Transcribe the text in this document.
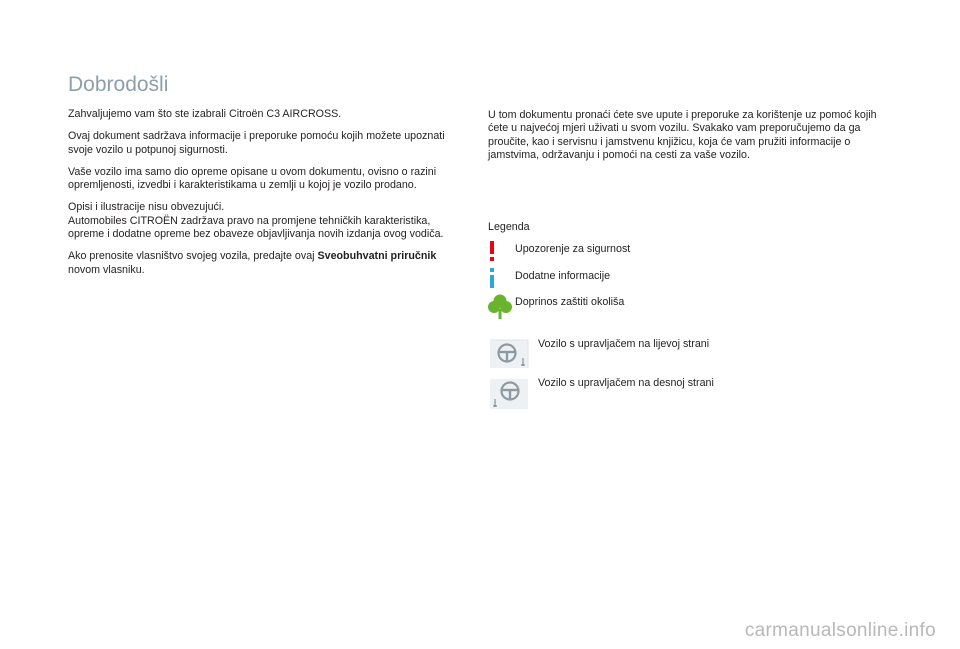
Dobrodošli

Zahvaljujemo vam što ste izabrali Citroën C3 AIRCROSS.

Ovaj dokument sadržava informacije i preporuke pomoću kojih možete upoznati svoje vozilo u potpunoj sigurnosti.

Vaše vozilo ima samo dio opreme opisane u ovom dokumentu, ovisno o razini opremljenosti, izvedbi i karakteristikama u zemlji u kojoj je vozilo prodano.

Opisi i ilustracije nisu obvezujući.
Automobiles CITROËN zadržava pravo na promjene tehničkih karakteristika, opreme i dodatne opreme bez obaveze objavljivanja novih izdanja ovog vodiča.

Ako prenosite vlasništvo svojeg vozila, predajte ovaj Sveobuhvatni priručnik novom vlasniku.

U tom dokumentu pronaći ćete sve upute i preporuke za korištenje uz pomoć kojih ćete u najvećoj mjeri uživati u svom vozilu. Svakako vam preporučujemo da ga proučite, kao i servisnu i jamstvenu knjižicu, koja će vam pružiti informacije o jamstvima, održavanju i pomoći na cesti za vaše vozilo.

Legenda
Upozorenje za sigurnost
Dodatne informacije
Doprinos zaštiti okoliša
Vozilo s upravljačem na lijevoj strani
Vozilo s upravljačem na desnoj strani
carmanualsonline.info
